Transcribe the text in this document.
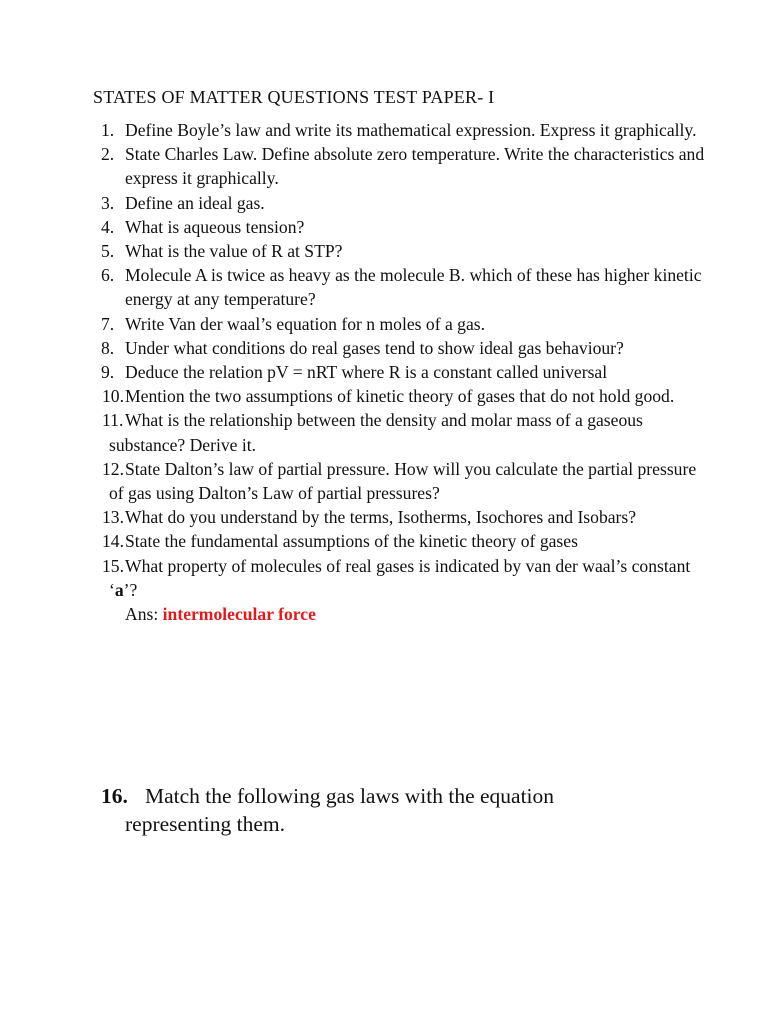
STATES OF MATTER QUESTIONS TEST PAPER- I
1. Define Boyle’s law and write its mathematical expression. Express it graphically.
2. State Charles Law. Define absolute zero temperature. Write the characteristics and express it graphically.
3. Define an ideal gas.
4. What is aqueous tension?
5. What is the value of R at STP?
6. Molecule A is twice as heavy as the molecule B. which of these has higher kinetic energy at any temperature?
7. Write Van der waal’s equation for n moles of a gas.
8. Under what conditions do real gases tend to show ideal gas behaviour?
9. Deduce the relation pV = nRT where R is a constant called universal
10. Mention the two assumptions of kinetic theory of gases that do not hold good.
11. What is the relationship between the density and molar mass of a gaseous substance? Derive it.
12. State Dalton’s law of partial pressure. How will you calculate the partial pressure of gas using Dalton’s Law of partial pressures?
13. What do you understand by the terms, Isotherms, Isochores and Isobars?
14. State the fundamental assumptions of the kinetic theory of gases
15. What property of molecules of real gases is indicated by van der waal’s constant ‘a’?
Ans: intermolecular force
16. Match the following gas laws with the equation representing them.
